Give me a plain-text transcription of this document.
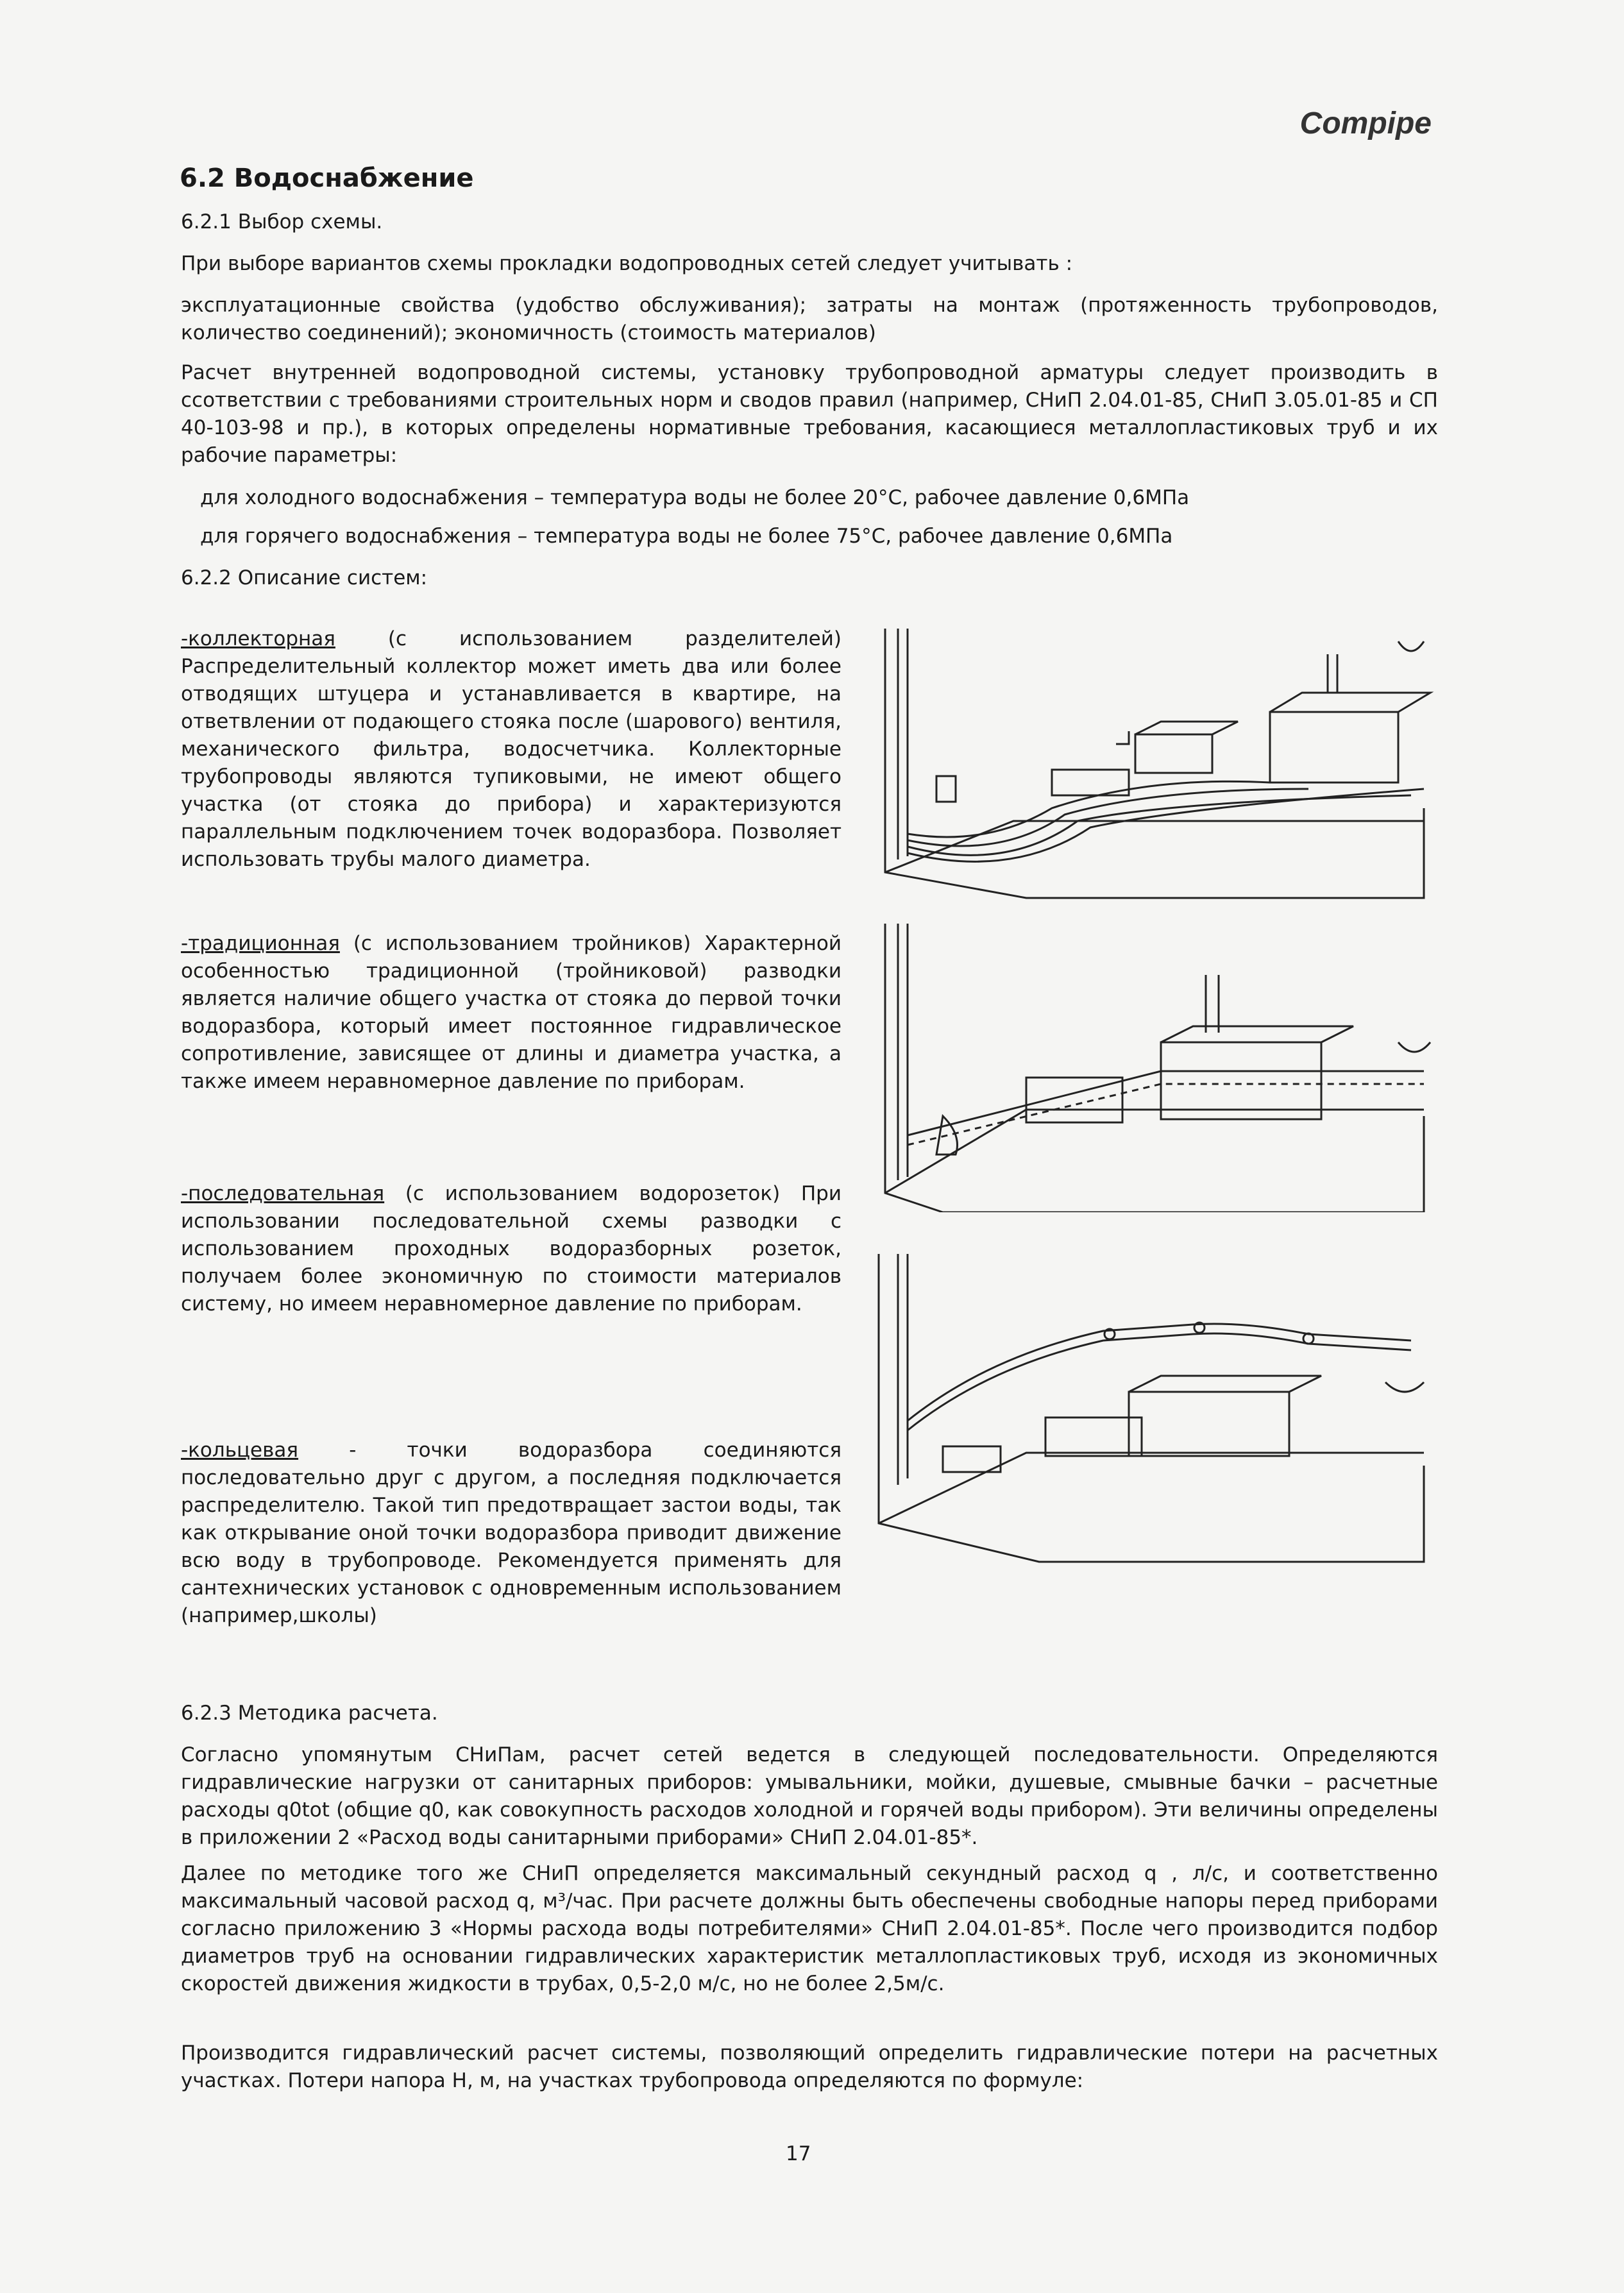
Compipe
6.2 Водоснабжение
6.2.1 Выбор схемы.
При выборе вариантов схемы прокладки водопроводных сетей следует учитывать :
эксплуатационные свойства (удобство обслуживания); затраты на монтаж (протяженность трубопроводов, количество соединений); экономичность (стоимость материалов)
Расчет внутренней водопроводной системы, установку трубопроводной арматуры следует производить в ссответствии с требованиями строительных норм и сводов правил (например, СНиП 2.04.01-85, СНиП 3.05.01-85 и СП 40-103-98 и пр.), в которых определены нормативные требования, касающиеся металлопластиковых труб и их рабочие параметры:
для холодного водоснабжения – температура воды не более 20°С, рабочее давление 0,6МПа
для горячего водоснабжения – температура воды не более 75°С, рабочее давление 0,6МПа
6.2.2 Описание систем:
-коллекторная (с использованием разделителей) Распределительный коллектор может иметь два или более отводящих штуцера и устанавливается в квартире, на ответвлении от подающего стояка после (шарового) вентиля, механического фильтра, водосчетчика. Коллекторные трубопроводы являются тупиковыми, не имеют общего участка (от стояка до прибора) и характеризуются параллельным подключением точек водоразбора. Позволяет использовать трубы малого диаметра.
-традиционная (с использованием тройников) Характерной особенностью традиционной (тройниковой) разводки является наличие общего участка от стояка до первой точки водоразбора, который имеет постоянное гидравлическое сопротивление, зависящее от длины и диаметра участка, а также имеем неравномерное давление по приборам.
-последовательная (с использованием водорозеток) При использовании последовательной схемы разводки с использованием проходных водоразборных розеток, получаем более экономичную по стоимости материалов систему, но имеем неравномерное давление по приборам.
-кольцевая - точки водоразбора соединяются последовательно друг с другом, а последняя подключается распределителю. Такой тип предотвращает застои воды, так как открывание оной точки водоразбора приводит движение всю воду в трубопроводе. Рекомендуется применять для сантехнических установок с одновременным использованием (например,школы)
6.2.3 Методика расчета.
Согласно упомянутым СНиПам, расчет сетей ведется в следующей последовательности. Определяются гидравлические нагрузки от санитарных приборов: умывальники, мойки, душевые, смывные бачки – расчетные расходы q0tot (общие q0, как совокупность расходов холодной и горячей воды прибором). Эти величины определены в приложении 2 «Расход воды санитарными приборами» СНиП 2.04.01-85*.
Далее по методике того же СНиП определяется максимальный секундный расход q , л/с, и соответственно максимальный часовой расход q, м³/час. При расчете должны быть обеспечены свободные напоры перед приборами согласно приложению 3 «Нормы расхода воды потребителями» СНиП 2.04.01-85*. После чего производится подбор диаметров труб на основании гидравлических характеристик металлопластиковых труб, исходя из экономичных скоростей движения жидкости в трубах, 0,5-2,0 м/с, но не более 2,5м/с.
Производится гидравлический расчет системы, позволяющий определить гидравлические потери на расчетных участках. Потери напора Н, м, на участках трубопровода определяются по формуле:
17
